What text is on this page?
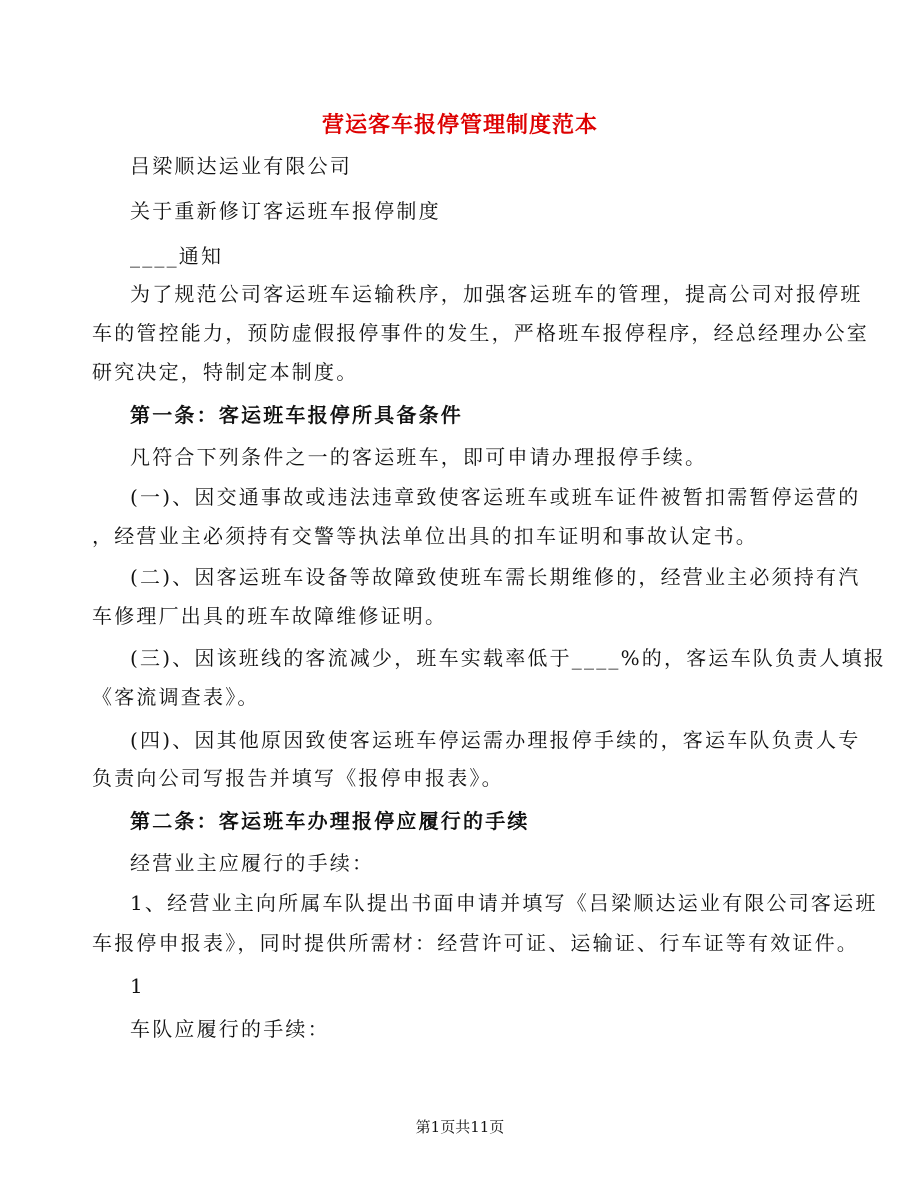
营运客车报停管理制度范本
吕梁顺达运业有限公司
关于重新修订客运班车报停制度
____通知
为了规范公司客运班车运输秩序，加强客运班车的管理，提高公司对报停班
车的管控能力，预防虚假报停事件的发生，严格班车报停程序，经总经理办公室
研究决定，特制定本制度。
第一条：客运班车报停所具备条件
凡符合下列条件之一的客运班车，即可申请办理报停手续。
(一)、因交通事故或违法违章致使客运班车或班车证件被暂扣需暂停运营的
，经营业主必须持有交警等执法单位出具的扣车证明和事故认定书。
(二)、因客运班车设备等故障致使班车需长期维修的，经营业主必须持有汽
车修理厂出具的班车故障维修证明。
(三)、因该班线的客流减少，班车实载率低于____%的，客运车队负责人填报
《客流调查表》。
(四)、因其他原因致使客运班车停运需办理报停手续的，客运车队负责人专
负责向公司写报告并填写《报停申报表》。
第二条：客运班车办理报停应履行的手续
经营业主应履行的手续：
1、经营业主向所属车队提出书面申请并填写《吕梁顺达运业有限公司客运班
车报停申报表》，同时提供所需材：经营许可证、运输证、行车证等有效证件。
1
车队应履行的手续：
第1页共11页
